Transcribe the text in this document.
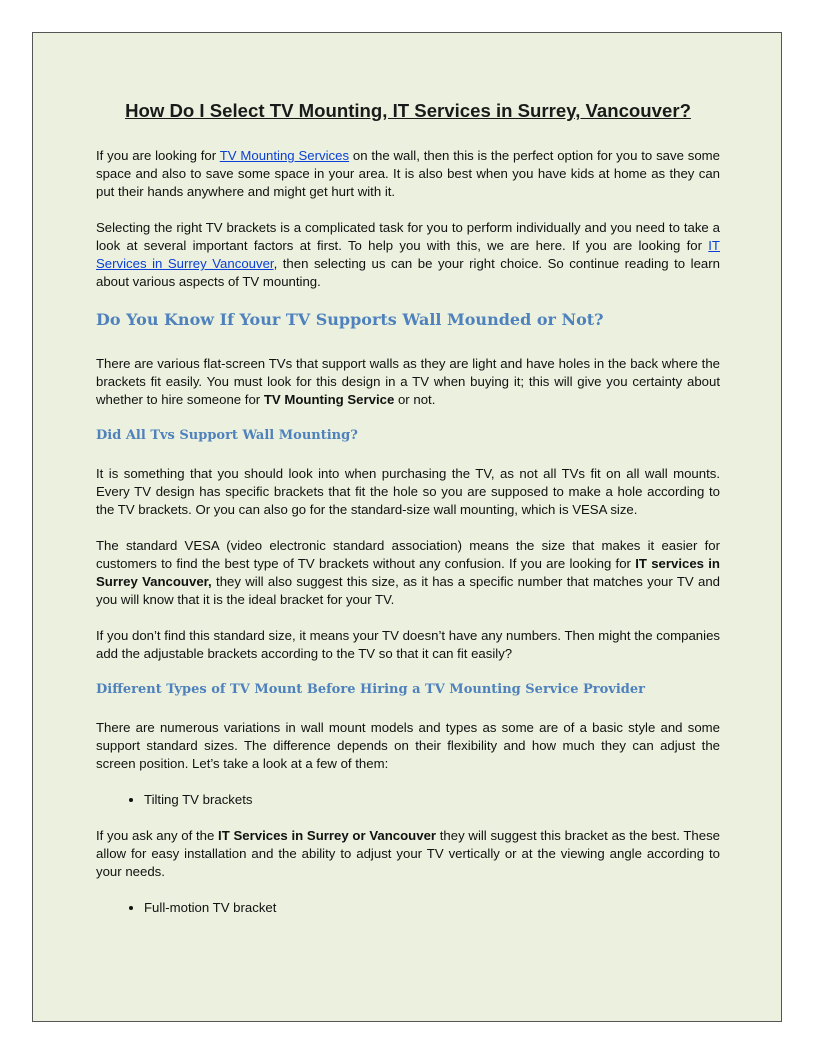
How Do I Select TV Mounting, IT Services in Surrey, Vancouver?

If you are looking for TV Mounting Services on the wall, then this is the perfect option for you to save some space and also to save some space in your area. It is also best when you have kids at home as they can put their hands anywhere and might get hurt with it.

Selecting the right TV brackets is a complicated task for you to perform individually and you need to take a look at several important factors at first. To help you with this, we are here. If you are looking for IT Services in Surrey Vancouver, then selecting us can be your right choice. So continue reading to learn about various aspects of TV mounting.

Do You Know If Your TV Supports Wall Mounded or Not?

There are various flat-screen TVs that support walls as they are light and have holes in the back where the brackets fit easily. You must look for this design in a TV when buying it; this will give you certainty about whether to hire someone for TV Mounting Service or not.

Did All Tvs Support Wall Mounting?

It is something that you should look into when purchasing the TV, as not all TVs fit on all wall mounts. Every TV design has specific brackets that fit the hole so you are supposed to make a hole according to the TV brackets. Or you can also go for the standard-size wall mounting, which is VESA size.

The standard VESA (video electronic standard association) means the size that makes it easier for customers to find the best type of TV brackets without any confusion. If you are looking for IT services in Surrey Vancouver, they will also suggest this size, as it has a specific number that matches your TV and you will know that it is the ideal bracket for your TV.

If you don’t find this standard size, it means your TV doesn’t have any numbers. Then might the companies add the adjustable brackets according to the TV so that it can fit easily?

Different Types of TV Mount Before Hiring a TV Mounting Service Provider

There are numerous variations in wall mount models and types as some are of a basic style and some support standard sizes. The difference depends on their flexibility and how much they can adjust the screen position. Let’s take a look at a few of them:

• Tilting TV brackets

If you ask any of the IT Services in Surrey or Vancouver they will suggest this bracket as the best. These allow for easy installation and the ability to adjust your TV vertically or at the viewing angle according to your needs.

• Full-motion TV bracket
